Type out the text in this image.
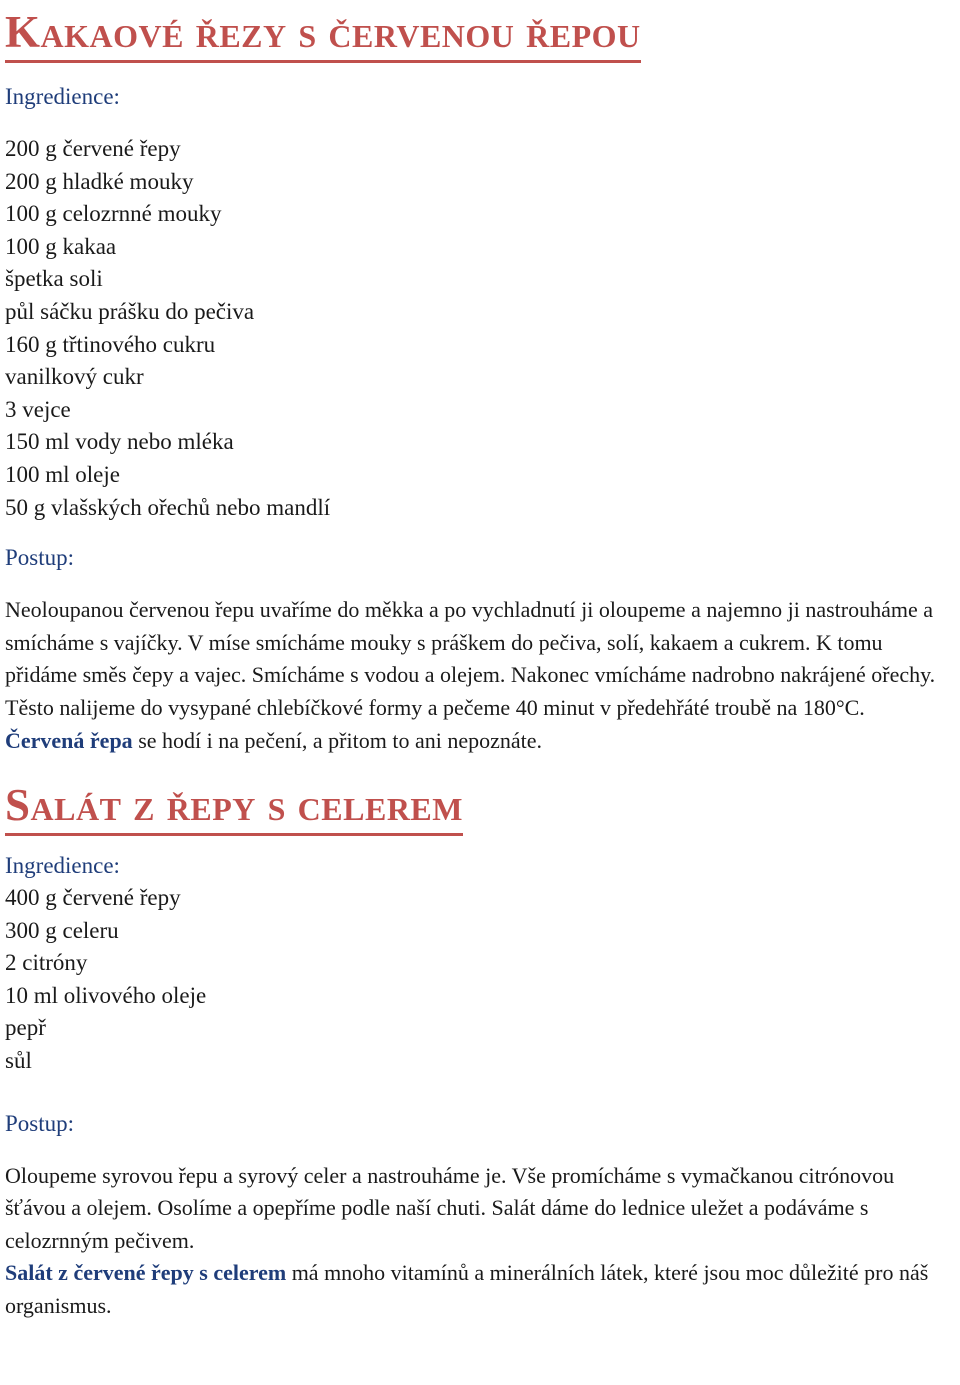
Kakaové řezy s červenou řepou

Ingredience:

200 g červené řepy
200 g hladké mouky
100 g celozrnné mouky
100 g kakaa
špetka soli
půl sáčku prášku do pečiva
160 g třtinového cukru
vanilkový cukr
3 vejce
150 ml vody nebo mléka
100 ml oleje
50 g vlašských ořechů nebo mandlí

Postup:

Neoloupanou červenou řepu uvaříme do měkka a po vychladnutí ji oloupeme a najemno ji nastrouháme a smícháme s vajíčky. V míse smícháme mouky s práškem do pečiva, solí, kakaem a cukrem. K tomu přidáme směs čepy a vajec. Smícháme s vodou a olejem. Nakonec vmícháme nadrobno nakrájené ořechy. Těsto nalijeme do vysypané chlebíčkové formy a pečeme 40 minut v předehřáté troubě na 180°C.

Červená řepa se hodí i na pečení, a přitom to ani nepoznáte.

Salát z řepy s celerem

Ingredience:

400 g červené řepy
300 g celeru
2 citróny
10 ml olivového oleje
pepř
sůl

Postup:

Oloupeme syrovou řepu a syrový celer a nastrouháme je. Vše promícháme s vymačkanou citrónovou šťávou a olejem. Osolíme a opepříme podle naší chuti. Salát dáme do lednice uležet a podáváme s celozrnným pečivem.

Salát z červené řepy s celerem má mnoho vitamínů a minerálních látek, které jsou moc důležité pro náš organismus.
